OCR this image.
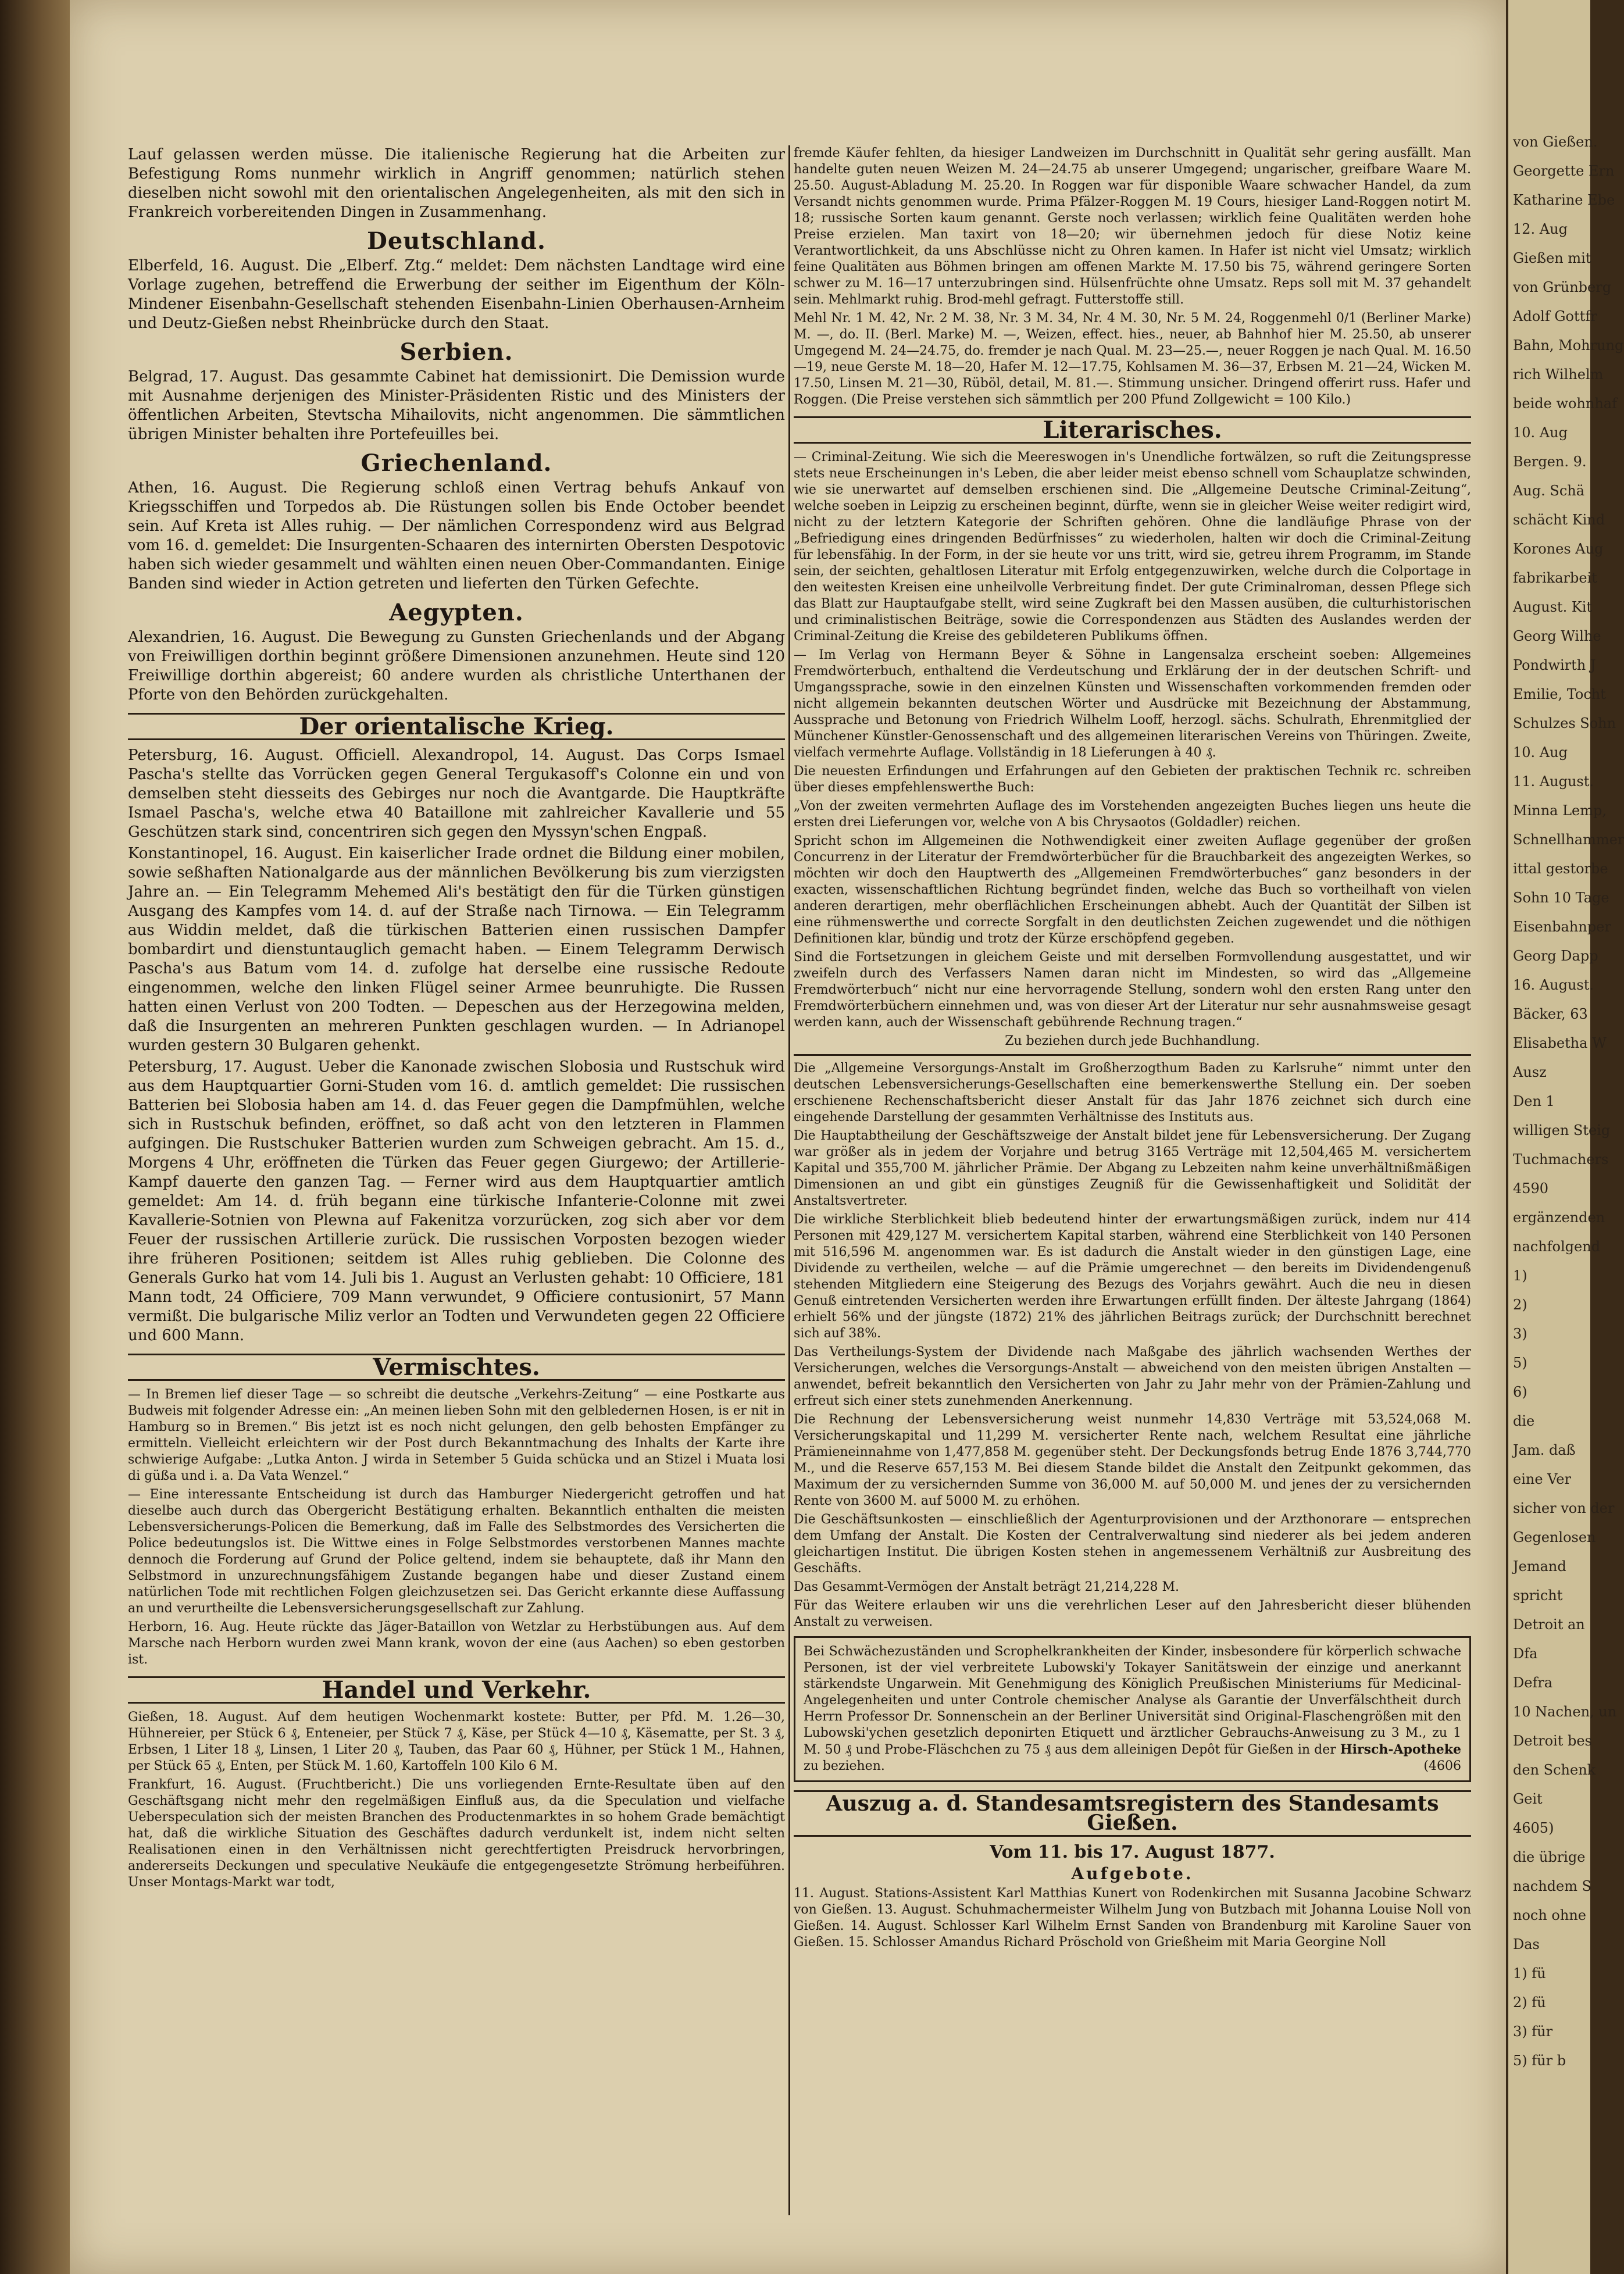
Lauf gelassen werden müsse. Die italienische Regierung hat die Arbeiten zur Befestigung Roms nunmehr wirklich in Angriff genommen; natürlich stehen dieselben nicht sowohl mit den orientalischen Angelegenheiten, als mit den sich in Frankreich vorbereitenden Dingen in Zusammenhang.

Deutschland.

Elberfeld, 16. August. Die „Elberf. Ztg.“ meldet: Dem nächsten Landtage wird eine Vorlage zugehen, betreffend die Erwerbung der seither im Eigenthum der Köln-Mindener Eisenbahn-Gesellschaft stehenden Eisenbahn-Linien Oberhausen-Arnheim und Deutz-Gießen nebst Rheinbrücke durch den Staat.

Serbien.

Belgrad, 17. August. Das gesammte Cabinet hat demissionirt. Die Demission wurde mit Ausnahme derjenigen des Minister-Präsidenten Ristic und des Ministers der öffentlichen Arbeiten, Stevtscha Mihailovits, nicht angenommen. Die sämmtlichen übrigen Minister behalten ihre Portefeuilles bei.

Griechenland.

Athen, 16. August. Die Regierung schloß einen Vertrag behufs Ankauf von Kriegsschiffen und Torpedos ab. Die Rüstungen sollen bis Ende October beendet sein. Auf Kreta ist Alles ruhig. — Der nämlichen Correspondenz wird aus Belgrad vom 16. d. gemeldet: Die Insurgenten-Schaaren des internirten Obersten Despotovic haben sich wieder gesammelt und wählten einen neuen Ober-Commandanten. Einige Banden sind wieder in Action getreten und lieferten den Türken Gefechte.

Aegypten.

Alexandrien, 16. August. Die Bewegung zu Gunsten Griechenlands und der Abgang von Freiwilligen dorthin beginnt größere Dimensionen anzunehmen. Heute sind 120 Freiwillige dorthin abgereist; 60 andere wurden als christliche Unterthanen der Pforte von den Behörden zurückgehalten.

Der orientalische Krieg.

Petersburg, 16. August. Officiell. Alexandropol, 14. August. Das Corps Ismael Pascha's stellte das Vorrücken gegen General Tergukasoff's Colonne ein und von demselben steht diesseits des Gebirges nur noch die Avantgarde. Die Hauptkräfte Ismael Pascha's, welche etwa 40 Bataillone mit zahlreicher Kavallerie und 55 Geschützen stark sind, concentriren sich gegen den Myssyn'schen Engpaß.

Konstantinopel, 16. August. Ein kaiserlicher Irade ordnet die Bildung einer mobilen, sowie seßhaften Nationalgarde aus der männlichen Bevölkerung bis zum vierzigsten Jahre an. — Ein Telegramm Mehemed Ali's bestätigt den für die Türken günstigen Ausgang des Kampfes vom 14. d. auf der Straße nach Tirnowa. — Ein Telegramm aus Widdin meldet, daß die türkischen Batterien einen russischen Dampfer bombardirt und dienstuntauglich gemacht haben. — Einem Telegramm Derwisch Pascha's aus Batum vom 14. d. zufolge hat derselbe eine russische Redoute eingenommen, welche den linken Flügel seiner Armee beunruhigte. Die Russen hatten einen Verlust von 200 Todten. — Depeschen aus der Herzegowina melden, daß die Insurgenten an mehreren Punkten geschlagen wurden. — In Adrianopel wurden gestern 30 Bulgaren gehenkt.

Petersburg, 17. August. Ueber die Kanonade zwischen Slobosia und Rustschuk wird aus dem Hauptquartier Gorni-Studen vom 16. d. amtlich gemeldet: Die russischen Batterien bei Slobosia haben am 14. d. das Feuer gegen die Dampfmühlen, welche sich in Rustschuk befinden, eröffnet, so daß acht von den letzteren in Flammen aufgingen. Die Rustschuker Batterien wurden zum Schweigen gebracht. Am 15. d., Morgens 4 Uhr, eröffneten die Türken das Feuer gegen Giurgewo; der Artillerie-Kampf dauerte den ganzen Tag. — Ferner wird aus dem Hauptquartier amtlich gemeldet: Am 14. d. früh begann eine türkische Infanterie-Colonne mit zwei Kavallerie-Sotnien von Plewna auf Fakenitza vorzurücken, zog sich aber vor dem Feuer der russischen Artillerie zurück. Die russischen Vorposten bezogen wieder ihre früheren Positionen; seitdem ist Alles ruhig geblieben. Die Colonne des Generals Gurko hat vom 14. Juli bis 1. August an Verlusten gehabt: 10 Officiere, 181 Mann todt, 24 Officiere, 709 Mann verwundet, 9 Officiere contusionirt, 57 Mann vermißt. Die bulgarische Miliz verlor an Todten und Verwundeten gegen 22 Officiere und 600 Mann.

Vermischtes.

— In Bremen lief dieser Tage — so schreibt die deutsche „Verkehrs-Zeitung“ — eine Postkarte aus Budweis mit folgender Adresse ein: „An meinen lieben Sohn mit den gelbledernen Hosen, is er nit in Hamburg so in Bremen.“ Bis jetzt ist es noch nicht gelungen, den gelb behosten Empfänger zu ermitteln. Vielleicht erleichtern wir der Post durch Bekanntmachung des Inhalts der Karte ihre schwierige Aufgabe: „Lutka Anton. J wirda in Setember 5 Guida schücka und an Stizel i Muata losi di güßa und i. a. Da Vata Wenzel.“

— Eine interessante Entscheidung ist durch das Hamburger Niedergericht getroffen und hat dieselbe auch durch das Obergericht Bestätigung erhalten. Bekanntlich enthalten die meisten Lebensversicherungs-Policen die Bemerkung, daß im Falle des Selbstmordes des Versicherten die Police bedeutungslos ist. Die Wittwe eines in Folge Selbstmordes verstorbenen Mannes machte dennoch die Forderung auf Grund der Police geltend, indem sie behauptete, daß ihr Mann den Selbstmord in unzurechnungsfähigem Zustande begangen habe und dieser Zustand einem natürlichen Tode mit rechtlichen Folgen gleichzusetzen sei. Das Gericht erkannte diese Auffassung an und verurtheilte die Lebensversicherungsgesellschaft zur Zahlung.

Herborn, 16. Aug. Heute rückte das Jäger-Bataillon von Wetzlar zu Herbstübungen aus. Auf dem Marsche nach Herborn wurden zwei Mann krank, wovon der eine (aus Aachen) so eben gestorben ist.

Handel und Verkehr.

Gießen, 18. August. Auf dem heutigen Wochenmarkt kostete: Butter, per Pfd. M. 1.26—30, Hühnereier, per Stück 6 ₰, Enteneier, per Stück 7 ₰, Käse, per Stück 4—10 ₰, Käsematte, per St. 3 ₰, Erbsen, 1 Liter 18 ₰, Linsen, 1 Liter 20 ₰, Tauben, das Paar 60 ₰, Hühner, per Stück 1 M., Hahnen, per Stück 65 ₰, Enten, per Stück M. 1.60, Kartoffeln 100 Kilo 6 M.

Frankfurt, 16. August. (Fruchtbericht.) Die uns vorliegenden Ernte-Resultate üben auf den Geschäftsgang nicht mehr den regelmäßigen Einfluß aus, da die Speculation und vielfache Ueberspeculation sich der meisten Branchen des Productenmarktes in so hohem Grade bemächtigt hat, daß die wirkliche Situation des Geschäftes dadurch verdunkelt ist, indem nicht selten Realisationen einen in den Verhältnissen nicht gerechtfertigten Preisdruck hervorbringen, andererseits Deckungen und speculative Neukäufe die entgegengesetzte Strömung herbeiführen. Unser Montags-Markt war todt,

fremde Käufer fehlten, da hiesiger Landweizen im Durchschnitt in Qualität sehr gering ausfällt. Man handelte guten neuen Weizen M. 24—24.75 ab unserer Umgegend; ungarischer, greifbare Waare M. 25.50. August-Abladung M. 25.20. In Roggen war für disponible Waare schwacher Handel, da zum Versandt nichts genommen wurde. Prima Pfälzer-Roggen M. 19 Cours, hiesiger Land-Roggen notirt M. 18; russische Sorten kaum genannt. Gerste noch verlassen; wirklich feine Qualitäten werden hohe Preise erzielen. Man taxirt von 18—20; wir übernehmen jedoch für diese Notiz keine Verantwortlichkeit, da uns Abschlüsse nicht zu Ohren kamen. In Hafer ist nicht viel Umsatz; wirklich feine Qualitäten aus Böhmen bringen am offenen Markte M. 17.50 bis 75, während geringere Sorten schwer zu M. 16—17 unterzubringen sind. Hülsenfrüchte ohne Umsatz. Reps soll mit M. 37 gehandelt sein. Mehlmarkt ruhig. Brod-mehl gefragt. Futterstoffe still.

Mehl Nr. 1 M. 42, Nr. 2 M. 38, Nr. 3 M. 34, Nr. 4 M. 30, Nr. 5 M. 24, Roggenmehl 0/1 (Berliner Marke) M. —, do. II. (Berl. Marke) M. —, Weizen, effect. hies., neuer, ab Bahnhof hier M. 25.50, ab unserer Umgegend M. 24—24.75, do. fremder je nach Qual. M. 23—25.—, neuer Roggen je nach Qual. M. 16.50—19, neue Gerste M. 18—20, Hafer M. 12—17.75, Kohlsamen M. 36—37, Erbsen M. 21—24, Wicken M. 17.50, Linsen M. 21—30, Rüböl, detail, M. 81.—. Stimmung unsicher. Dringend offerirt russ. Hafer und Roggen. (Die Preise verstehen sich sämmtlich per 200 Pfund Zollgewicht = 100 Kilo.)

Literarisches.

— Criminal-Zeitung. Wie sich die Meereswogen in's Unendliche fortwälzen, so ruft die Zeitungspresse stets neue Erscheinungen in's Leben, die aber leider meist ebenso schnell vom Schauplatze schwinden, wie sie unerwartet auf demselben erschienen sind. Die „Allgemeine Deutsche Criminal-Zeitung“, welche soeben in Leipzig zu erscheinen beginnt, dürfte, wenn sie in gleicher Weise weiter redigirt wird, nicht zu der letztern Kategorie der Schriften gehören. Ohne die landläufige Phrase von der „Befriedigung eines dringenden Bedürfnisses“ zu wiederholen, halten wir doch die Criminal-Zeitung für lebensfähig. In der Form, in der sie heute vor uns tritt, wird sie, getreu ihrem Programm, im Stande sein, der seichten, gehaltlosen Literatur mit Erfolg entgegenzuwirken, welche durch die Colportage in den weitesten Kreisen eine unheilvolle Verbreitung findet. Der gute Criminalroman, dessen Pflege sich das Blatt zur Hauptaufgabe stellt, wird seine Zugkraft bei den Massen ausüben, die culturhistorischen und criminalistischen Beiträge, sowie die Correspondenzen aus Städten des Auslandes werden der Criminal-Zeitung die Kreise des gebildeteren Publikums öffnen.

— Im Verlag von Hermann Beyer & Söhne in Langensalza erscheint soeben: Allgemeines Fremdwörterbuch, enthaltend die Verdeutschung und Erklärung der in der deutschen Schrift- und Umgangssprache, sowie in den einzelnen Künsten und Wissenschaften vorkommenden fremden oder nicht allgemein bekannten deutschen Wörter und Ausdrücke mit Bezeichnung der Abstammung, Aussprache und Betonung von Friedrich Wilhelm Looff, herzogl. sächs. Schulrath, Ehrenmitglied der Münchener Künstler-Genossenschaft und des allgemeinen literarischen Vereins von Thüringen. Zweite, vielfach vermehrte Auflage. Vollständig in 18 Lieferungen à 40 ₰.

Die neuesten Erfindungen und Erfahrungen auf den Gebieten der praktischen Technik rc. schreiben über dieses empfehlenswerthe Buch:

„Von der zweiten vermehrten Auflage des im Vorstehenden angezeigten Buches liegen uns heute die ersten drei Lieferungen vor, welche von A bis Chrysaotos (Goldadler) reichen.

Spricht schon im Allgemeinen die Nothwendigkeit einer zweiten Auflage gegenüber der großen Concurrenz in der Literatur der Fremdwörterbücher für die Brauchbarkeit des angezeigten Werkes, so möchten wir doch den Hauptwerth des „Allgemeinen Fremdwörterbuches“ ganz besonders in der exacten, wissenschaftlichen Richtung begründet finden, welche das Buch so vortheilhaft von vielen anderen derartigen, mehr oberflächlichen Erscheinungen abhebt. Auch der Quantität der Silben ist eine rühmenswerthe und correcte Sorgfalt in den deutlichsten Zeichen zugewendet und die nöthigen Definitionen klar, bündig und trotz der Kürze erschöpfend gegeben.

Sind die Fortsetzungen in gleichem Geiste und mit derselben Formvollendung ausgestattet, und wir zweifeln durch des Verfassers Namen daran nicht im Mindesten, so wird das „Allgemeine Fremdwörterbuch“ nicht nur eine hervorragende Stellung, sondern wohl den ersten Rang unter den Fremdwörterbüchern einnehmen und, was von dieser Art der Literatur nur sehr ausnahmsweise gesagt werden kann, auch der Wissenschaft gebührende Rechnung tragen.“

Zu beziehen durch jede Buchhandlung.

Die „Allgemeine Versorgungs-Anstalt im Großherzogthum Baden zu Karlsruhe“ nimmt unter den deutschen Lebensversicherungs-Gesellschaften eine bemerkenswerthe Stellung ein. Der soeben erschienene Rechenschaftsbericht dieser Anstalt für das Jahr 1876 zeichnet sich durch eine eingehende Darstellung der gesammten Verhältnisse des Instituts aus.

Die Hauptabtheilung der Geschäftszweige der Anstalt bildet jene für Lebensversicherung. Der Zugang war größer als in jedem der Vorjahre und betrug 3165 Verträge mit 12,504,465 M. versichertem Kapital und 355,700 M. jährlicher Prämie. Der Abgang zu Lebzeiten nahm keine unverhältnißmäßigen Dimensionen an und gibt ein günstiges Zeugniß für die Gewissenhaftigkeit und Solidität der Anstaltsvertreter.

Die wirkliche Sterblichkeit blieb bedeutend hinter der erwartungsmäßigen zurück, indem nur 414 Personen mit 429,127 M. versichertem Kapital starben, während eine Sterblichkeit von 140 Personen mit 516,596 M. angenommen war. Es ist dadurch die Anstalt wieder in den günstigen Lage, eine Dividende zu vertheilen, welche — auf die Prämie umgerechnet — den bereits im Dividendengenuß stehenden Mitgliedern eine Steigerung des Bezugs des Vorjahrs gewährt. Auch die neu in diesen Genuß eintretenden Versicherten werden ihre Erwartungen erfüllt finden. Der älteste Jahrgang (1864) erhielt 56% und der jüngste (1872) 21% des jährlichen Beitrags zurück; der Durchschnitt berechnet sich auf 38%.

Das Vertheilungs-System der Dividende nach Maßgabe des jährlich wachsenden Werthes der Versicherungen, welches die Versorgungs-Anstalt — abweichend von den meisten übrigen Anstalten — anwendet, befreit bekanntlich den Versicherten von Jahr zu Jahr mehr von der Prämien-Zahlung und erfreut sich einer stets zunehmenden Anerkennung.

Die Rechnung der Lebensversicherung weist nunmehr 14,830 Verträge mit 53,524,068 M. Versicherungskapital und 11,299 M. versicherter Rente nach, welchem Resultat eine jährliche Prämieneinnahme von 1,477,858 M. gegenüber steht. Der Deckungsfonds betrug Ende 1876 3,744,770 M., und die Reserve 657,153 M. Bei diesem Stande bildet die Anstalt den Zeitpunkt gekommen, das Maximum der zu versichernden Summe von 36,000 M. auf 50,000 M. und jenes der zu versichernden Rente von 3600 M. auf 5000 M. zu erhöhen.

Die Geschäftsunkosten — einschließlich der Agenturprovisionen und der Arzthonorare — entsprechen dem Umfang der Anstalt. Die Kosten der Centralverwaltung sind niederer als bei jedem anderen gleichartigen Institut. Die übrigen Kosten stehen in angemessenem Verhältniß zur Ausbreitung des Geschäfts.

Das Gesammt-Vermögen der Anstalt beträgt 21,214,228 M.

Für das Weitere erlauben wir uns die verehrlichen Leser auf den Jahresbericht dieser blühenden Anstalt zu verweisen.

Bei Schwächezuständen und Scrophelkrankheiten der Kinder, insbesondere für körperlich schwache Personen, ist der viel verbreitete Lubowski'y Tokayer Sanitätswein der einzige und anerkannt stärkendste Ungarwein. Mit Genehmigung des Königlich Preußischen Ministeriums für Medicinal-Angelegenheiten und unter Controle chemischer Analyse als Garantie der Unverfälschtheit durch Herrn Professor Dr. Sonnenschein an der Berliner Universität sind Original-Flaschengrößen mit den Lubowski'ychen gesetzlich deponirten Etiquett und ärztlicher Gebrauchs-Anweisung zu 3 M., zu 1 M. 50 ₰ und Probe-Fläschchen zu 75 ₰ aus dem alleinigen Depôt für Gießen in der Hirsch-Apotheke zu beziehen.	(4606
Auszug a. d. Standesamtsregistern des Standesamts Gießen.

Vom 11. bis 17. August 1877.

Aufgebote.

11. August. Stations-Assistent Karl Matthias Kunert von Rodenkirchen mit Susanna Jacobine Schwarz von Gießen. 13. August. Schuhmachermeister Wilhelm Jung von Butzbach mit Johanna Louise Noll von Gießen. 14. August. Schlosser Karl Wilhelm Ernst Sanden von Brandenburg mit Karoline Sauer von Gießen. 15. Schlosser Amandus Richard Pröschold von Grießheim mit Maria Georgine Noll

von Gießen.
Georgette Ern
Katharine Ebe
12. Aug
Gießen mit
von Grünberg
Adolf Gottfr
Bahn, Mohrung
rich Wilhelm
beide wohnhaf
10. Aug
Bergen. 9.
Aug. Schä
schächt Kind
Korones Aug
fabrikarbeit
August. Kit
Georg Wilhe
Pondwirth J
Emilie, Tocht
Schulzes Sohn
10. Aug
11. August.
Minna Lemp,
Schnellhammer
ittal gestorbe
Sohn 10 Tage
Eisenbahnper
Georg Dapp
16. August.
Bäcker, 63
Elisabetha W
Ausz
Den 1
willigen Steig
Tuchmachers
4590
ergänzenden
nachfolgend
1)
2)
3)
5)
6)
die
Jam. daß
eine Ver
sicher von der
Gegenlosen
Jemand
spricht
Detroit an
Dfa
Defra
10 Nachen, un
Detroit bes
den Schenk
Geit
4605)
die übrige
nachdem S
noch ohne
Das
1) fü
2) fü
3) für
5) für b
